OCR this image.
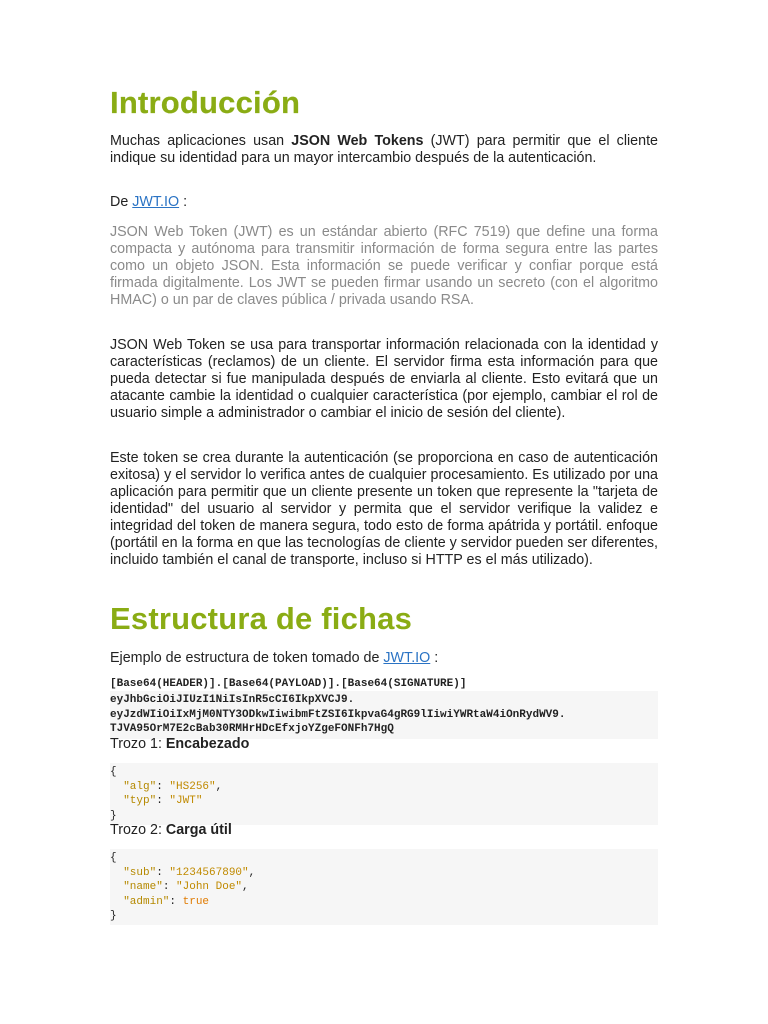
Introducción

Muchas aplicaciones usan JSON Web Tokens (JWT) para permitir que el cliente indique su identidad para un mayor intercambio después de la autenticación.

De JWT.IO :

JSON Web Token (JWT) es un estándar abierto (RFC 7519) que define una forma compacta y autónoma para transmitir información de forma segura entre las partes como un objeto JSON. Esta información se puede verificar y confiar porque está firmada digitalmente. Los JWT se pueden firmar usando un secreto (con el algoritmo HMAC) o un par de claves pública / privada usando RSA.

JSON Web Token se usa para transportar información relacionada con la identidad y características (reclamos) de un cliente. El servidor firma esta información para que pueda detectar si fue manipulada después de enviarla al cliente. Esto evitará que un atacante cambie la identidad o cualquier característica (por ejemplo, cambiar el rol de usuario simple a administrador o cambiar el inicio de sesión del cliente).

Este token se crea durante la autenticación (se proporciona en caso de autenticación exitosa) y el servidor lo verifica antes de cualquier procesamiento. Es utilizado por una aplicación para permitir que un cliente presente un token que represente la "tarjeta de identidad" del usuario al servidor y permita que el servidor verifique la validez e integridad del token de manera segura, todo esto de forma apátrida y portátil. enfoque (portátil en la forma en que las tecnologías de cliente y servidor pueden ser diferentes, incluido también el canal de transporte, incluso si HTTP es el más utilizado).

Estructura de fichas

Ejemplo de estructura de token tomado de JWT.IO :

[Base64(HEADER)].[Base64(PAYLOAD)].[Base64(SIGNATURE)]
eyJhbGciOiJIUzI1NiIsInR5cCI6IkpXVCJ9.
eyJzdWIiOiIxMjM0NTY3ODkwIiwibmFtZSI6IkpvaG4gRG9lIiwiYWRtaW4iOnRydWV9.
TJVA95OrM7E2cBab30RMHrHDcEfxjoYZgeFONFh7HgQ

Trozo 1: Encabezado

{
"alg": "HS256",
"typ": "JWT"
}

Trozo 2: Carga útil

{
"sub": "1234567890",
"name": "John Doe",
"admin": true
}
